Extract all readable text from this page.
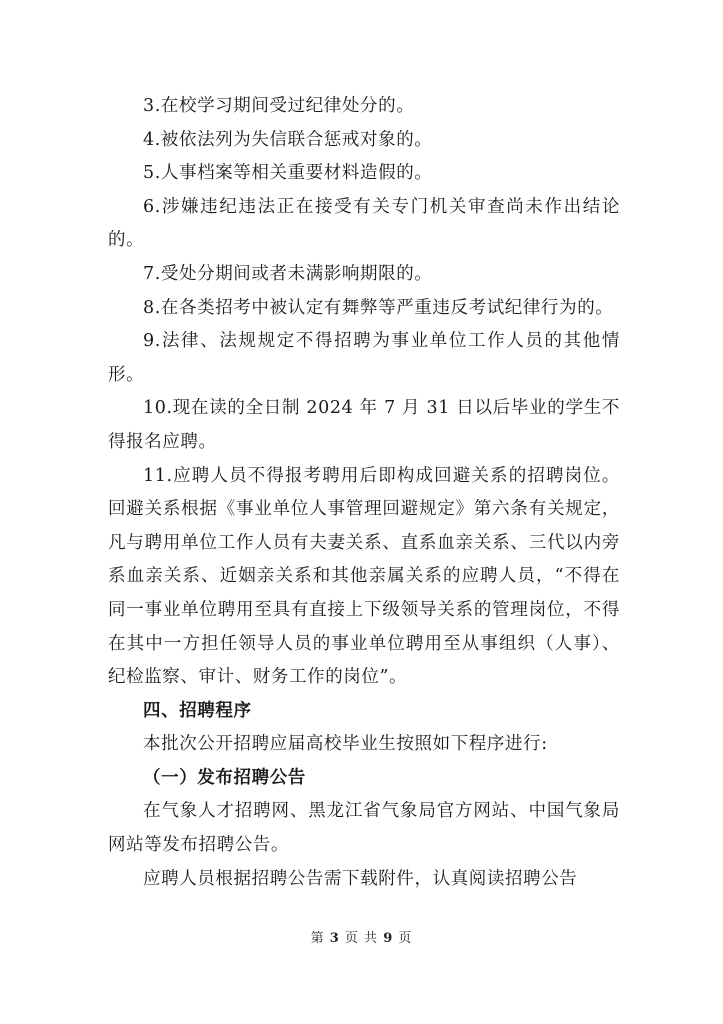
3.在校学习期间受过纪律处分的。

4.被依法列为失信联合惩戒对象的。

5.人事档案等相关重要材料造假的。

6.涉嫌违纪违法正在接受有关专门机关审查尚未作出结论的。

7.受处分期间或者未满影响期限的。

8.在各类招考中被认定有舞弊等严重违反考试纪律行为的。

9.法律、法规规定不得招聘为事业单位工作人员的其他情形。

10.现在读的全日制 2024 年 7 月 31 日以后毕业的学生不得报名应聘。

11.应聘人员不得报考聘用后即构成回避关系的招聘岗位。回避关系根据《事业单位人事管理回避规定》第六条有关规定，凡与聘用单位工作人员有夫妻关系、直系血亲关系、三代以内旁系血亲关系、近姻亲关系和其他亲属关系的应聘人员，“不得在同一事业单位聘用至具有直接上下级领导关系的管理岗位，不得在其中一方担任领导人员的事业单位聘用至从事组织（人事）、纪检监察、审计、财务工作的岗位”。

四、招聘程序

本批次公开招聘应届高校毕业生按照如下程序进行:

（一）发布招聘公告

在气象人才招聘网、黑龙江省气象局官方网站、中国气象局网站等发布招聘公告。

应聘人员根据招聘公告需下载附件，认真阅读招聘公告

第 3 页 共 9 页
